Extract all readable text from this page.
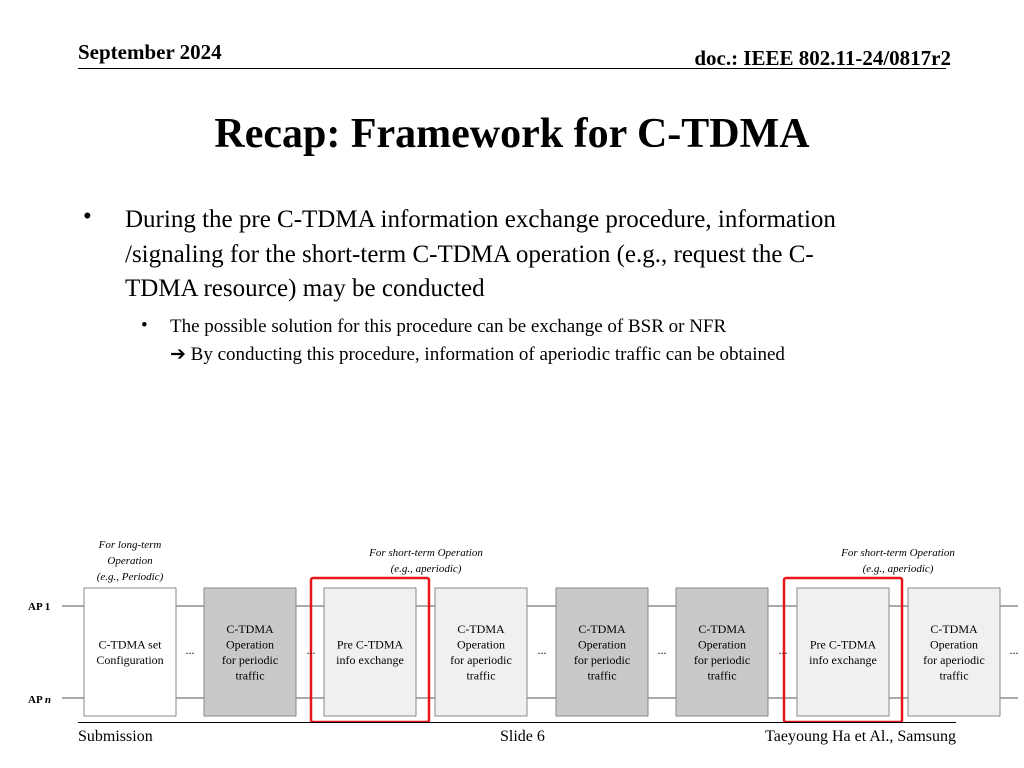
September 2024	doc.: IEEE 802.11-24/0817r2
Recap: Framework for C-TDMA
• During the pre C-TDMA information exchange procedure, information
/signaling for the short-term C-TDMA operation (e.g., request the C-
TDMA resource) may be conducted
• The possible solution for this procedure can be exchange of BSR or NFR
➔ By conducting this procedure, information of aperiodic traffic can be obtained
AP 1
AP n
C-TDMA set
Configuration
C-TDMA
Operation
for periodic
traffic
Pre C-TDMA
info exchange
C-TDMA
Operation
for aperiodic
traffic
C-TDMA
Operation
for periodic
traffic
C-TDMA
Operation
for periodic
traffic
Pre C-TDMA
info exchange
C-TDMA
Operation
for aperiodic
traffic
...	...	...	...	...	...
For long-term
Operation
(e.g., Periodic)
For short-term Operation
(e.g., aperiodic)
For short-term Operation
(e.g., aperiodic)
Submission	Slide 6	Taeyoung Ha et Al., Samsung
